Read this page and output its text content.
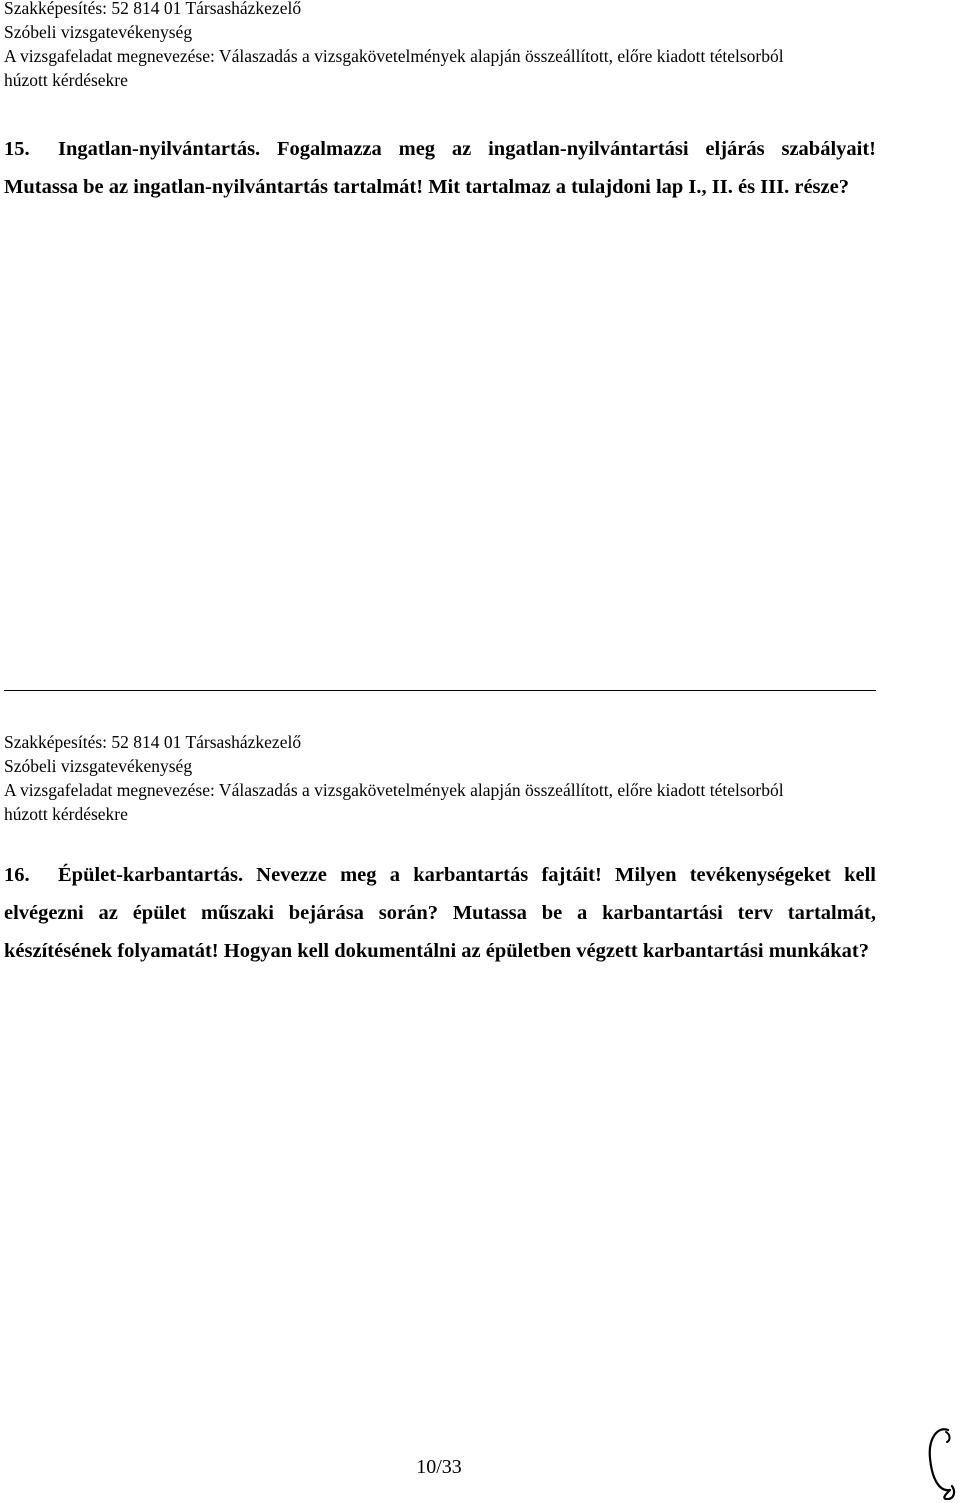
Szakképesítés: 52 814 01 Társasházkezelő
Szóbeli vizsgatevékenység
A vizsgafeladat megnevezése: Válaszadás a vizsgakövetelmények alapján összeállított, előre kiadott tételsorból
húzott kérdésekre

15. Ingatlan-nyilvántartás. Fogalmazza meg az ingatlan-nyilvántartási eljárás szabályait! Mutassa be az ingatlan-nyilvántartás tartalmát! Mit tartalmaz a tulajdoni lap I., II. és III. része?

Szakképesítés: 52 814 01 Társasházkezelő
Szóbeli vizsgatevékenység
A vizsgafeladat megnevezése: Válaszadás a vizsgakövetelmények alapján összeállított, előre kiadott tételsorból
húzott kérdésekre

16. Épület-karbantartás. Nevezze meg a karbantartás fajtáit! Milyen tevékenységeket kell elvégezni az épület műszaki bejárása során? Mutassa be a karbantartási terv tartalmát, készítésének folyamatát! Hogyan kell dokumentálni az épületben végzett karbantartási munkákat?

10/33
